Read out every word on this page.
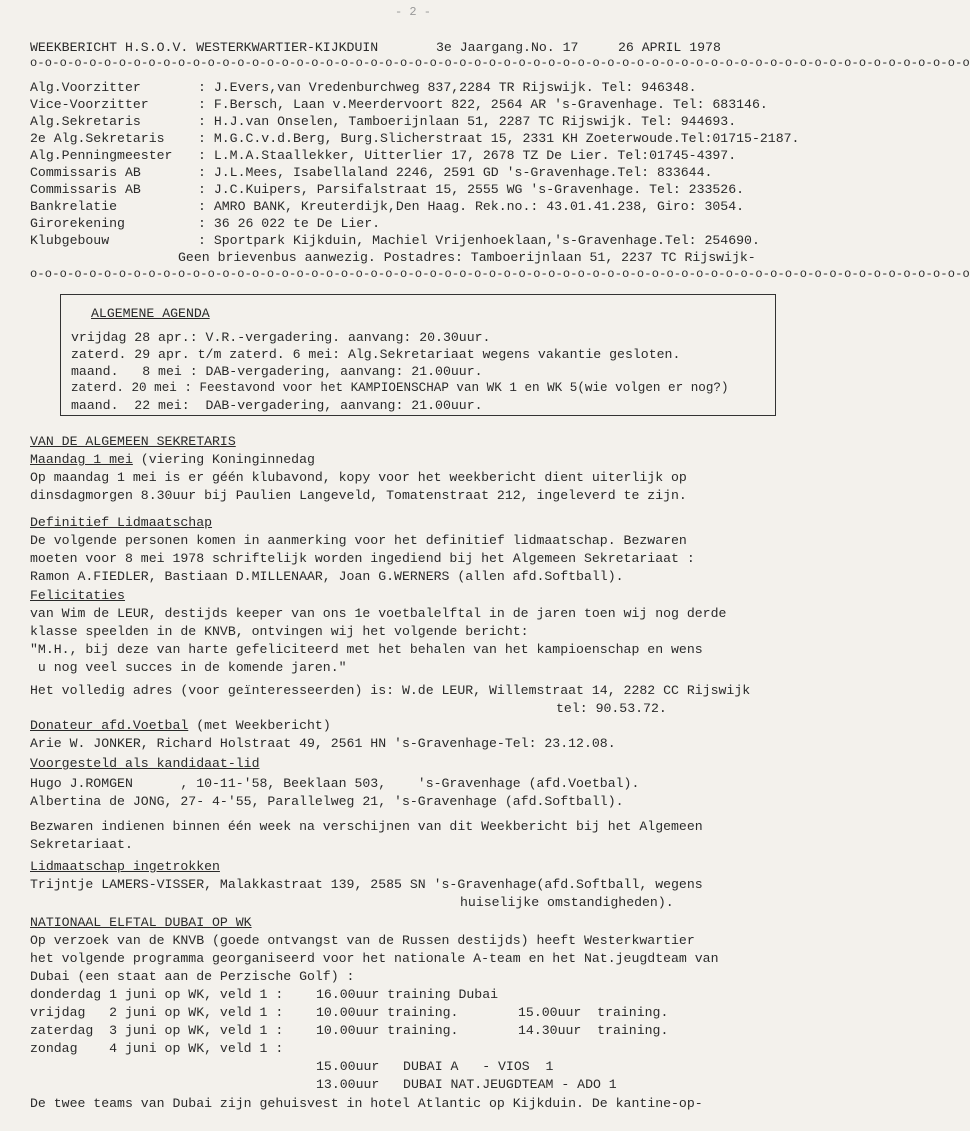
- 2 -
WEEKBERICHT H.S.O.V. WESTERKWARTIER-KIJKDUIN	3e Jaargang.No. 17	26 APRIL 1978
o-o-o-o-o-o-o-o-o-o-o-o-o-o-o-o-o-o-o-o-o-o-o-o-o-o-o-o-o-o-o-o-o-o-o-o-o-o-o-o-o-o-o-o-o-o-o-o-o-o-o-o-o-o-o-o-o-o-o-o-o-o-o-o
Alg.Voorzitter	: J.Evers,van Vredenburchweg 837,2284 TR Rijswijk. Tel: 946348.
Vice-Voorzitter	: F.Bersch, Laan v.Meerdervoort 822, 2564 AR 's-Gravenhage. Tel: 683146.
Alg.Sekretaris	: H.J.van Onselen, Tamboerijnlaan 51, 2287 TC Rijswijk. Tel: 944693.
2e Alg.Sekretaris	: M.G.C.v.d.Berg, Burg.Slicherstraat 15, 2331 KH Zoeterwoude.Tel:01715-2187.
Alg.Penningmeester : L.M.A.Staallekker, Uitterlier 17, 2678 TZ De Lier. Tel:01745-4397.
Commissaris AB	: J.L.Mees, Isabellaland 2246, 2591 GD 's-Gravenhage.Tel: 833644.
Commissaris AB	: J.C.Kuipers, Parsifalstraat 15, 2555 WG 's-Gravenhage. Tel: 233526.
Bankrelatie	: AMRO BANK, Kreuterdijk,Den Haag. Rek.no.: 43.01.41.238, Giro: 3054.
Girorekening	: 36 26 022 te De Lier.
Klubgebouw	: Sportpark Kijkduin, Machiel Vrijenhoeklaan,'s-Gravenhage.Tel: 254690.
Geen brievenbus aanwezig. Postadres: Tamboerijnlaan 51, 2237 TC Rijswijk-
o-o-o-o-o-o-o-o-o-o-o-o-o-o-o-o-o-o-o-o-o-o-o-o-o-o-o-o-o-o-o-o-o-o-o-o-o-o-o-o-o-o-o-o-o-o-o-o-o-o-o-o-o-o-o-o-o-o-o-o-o-o-o-o
ALGEMENE AGENDA
vrijdag 28 apr.: V.R.-vergadering. aanvang: 20.30uur.
zaterd. 29 apr. t/m zaterd. 6 mei: Alg.Sekretariaat wegens vakantie gesloten.
maand.   8 mei : DAB-vergadering, aanvang: 21.00uur.
zaterd. 20 mei : Feestavond voor het KAMPIOENSCHAP van WK 1 en WK 5(wie volgen er nog?)
maand.  22 mei:  DAB-vergadering, aanvang: 21.00uur.
VAN DE ALGEMEEN SEKRETARIS
Maandag 1 mei (viering Koninginnedag
Op maandag 1 mei is er géén klubavond, kopy voor het weekbericht dient uiterlijk op
dinsdagmorgen 8.30uur bij Paulien Langeveld, Tomatenstraat 212, ingeleverd te zijn.
Definitief Lidmaatschap
De volgende personen komen in aanmerking voor het definitief lidmaatschap. Bezwaren
moeten voor 8 mei 1978 schriftelijk worden ingediend bij het Algemeen Sekretariaat :
Ramon A.FIEDLER, Bastiaan D.MILLENAAR, Joan G.WERNERS (allen afd.Softball).
Felicitaties
van Wim de LEUR, destijds keeper van ons 1e voetbalelftal in de jaren toen wij nog derde
klasse speelden in de KNVB, ontvingen wij het volgende bericht:
"M.H., bij deze van harte gefeliciteerd met het behalen van het kampioenschap en wens
u nog veel succes in de komende jaren."
Het volledig adres (voor geïnteresseerden) is: W.de LEUR, Willemstraat 14, 2282 CC Rijswijk
tel: 90.53.72.
Donateur afd.Voetbal (met Weekbericht)
Arie W. JONKER, Richard Holstraat 49, 2561 HN 's-Gravenhage-Tel: 23.12.08.
Voorgesteld als kandidaat-lid
Hugo J.ROMGEN      , 10-11-'58, Beeklaan 503,    's-Gravenhage (afd.Voetbal).
Albertina de JONG, 27- 4-'55, Parallelweg 21, 's-Gravenhage (afd.Softball).
Bezwaren indienen binnen één week na verschijnen van dit Weekbericht bij het Algemeen
Sekretariaat.
Lidmaatschap ingetrokken
Trijntje LAMERS-VISSER, Malakkastraat 139, 2585 SN 's-Gravenhage(afd.Softball, wegens
huiselijke omstandigheden).
NATIONAAL ELFTAL DUBAI OP WK
Op verzoek van de KNVB (goede ontvangst van de Russen destijds) heeft Westerkwartier
het volgende programma georganiseerd voor het nationale A-team en het Nat.jeugdteam van
Dubai (een staat aan de Perzische Golf) :
donderdag 1 juni op WK, veld 1 : 16.00uur training Dubai
vrijdag   2 juni op WK, veld 1 : 10.00uur training.	15.00uur  training.
zaterdag  3 juni op WK, veld 1 : 10.00uur training.	14.30uur  training.
zondag    4 juni op WK, veld 1 :
15.00uur   DUBAI A   - VIOS  1
13.00uur   DUBAI NAT.JEUGDTEAM - ADO 1
De twee teams van Dubai zijn gehuisvest in hotel Atlantic op Kijkduin. De kantine-op-
